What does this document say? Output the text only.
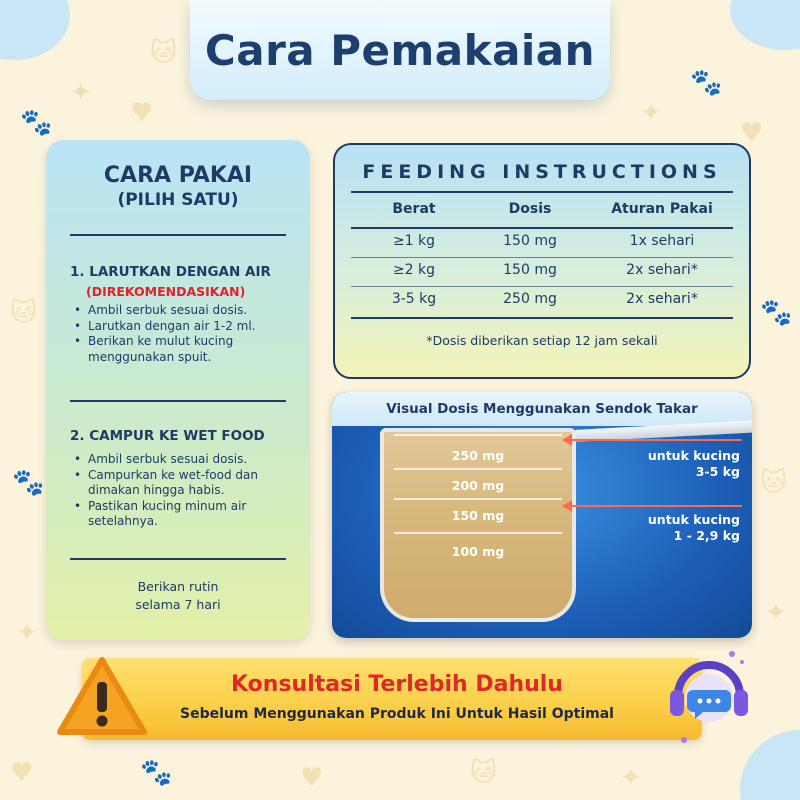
🐾
✦
♥
🐱
✦
🐾
♥
🐱
🐾
✦
♥
🐾
🐱
✦
🐾	♥	🐱	✦
Cara Pemakaian
CARA PAKAI
(PILIH SATU)
1. LARUTKAN DENGAN AIR
(DIREKOMENDASIKAN)
• Ambil serbuk sesuai dosis.
• Larutkan dengan air 1-2 ml.
• Berikan ke mulut kucing menggunakan spuit.
2. CAMPUR KE WET FOOD
• Ambil serbuk sesuai dosis.
• Campurkan ke wet-food dan dimakan hingga habis.
• Pastikan kucing minum air setelahnya.
Berikan rutin
selama 7 hari
FEEDING INSTRUCTIONS
Berat	Dosis	Aturan Pakai
≥1 kg	150 mg	1x sehari
≥2 kg	150 mg	2x sehari*
3-5 kg	250 mg	2x sehari*
*Dosis diberikan setiap 12 jam sekali
Visual Dosis Menggunakan Sendok Takar
250 mg
200 mg
150 mg
100 mg
untuk kucing
3-5 kg
untuk kucing
1 - 2,9 kg
Konsultasi Terlebih Dahulu
Sebelum Menggunakan Produk Ini Untuk Hasil Optimal
